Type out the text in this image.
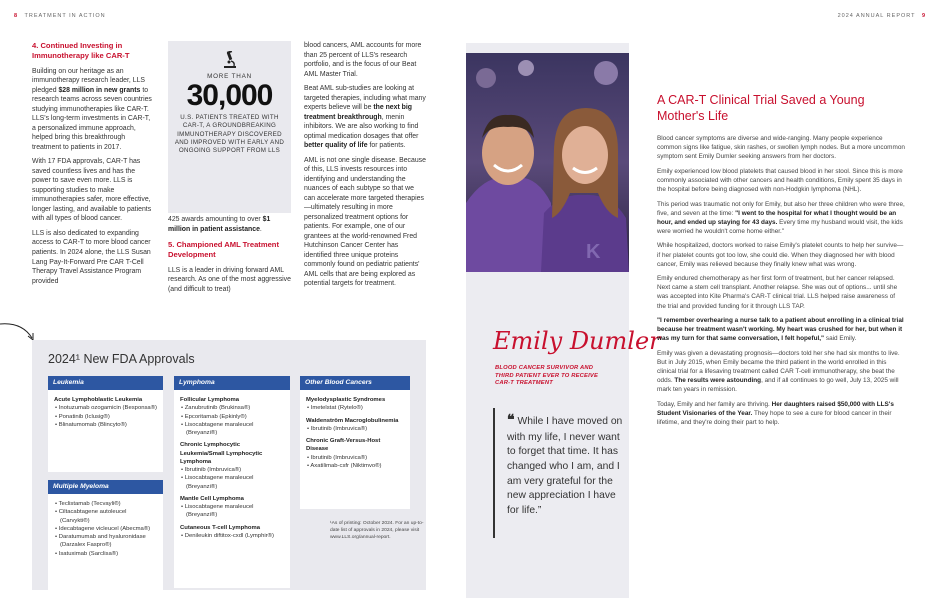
8 TREATMENT IN ACTION	2024 ANNUAL REPORT 9
4. Continued Investing in Immunotherapy like CAR-T

Building on our heritage as an immunotherapy research leader, LLS pledged $28 million in new grants to research teams across seven countries studying immunotherapies like CAR-T. LLS's long-term investments in CAR-T, a personalized immune approach, helped bring this breakthrough treatment to patients in 2017.

With 17 FDA approvals, CAR-T has saved countless lives and has the power to save even more. LLS is supporting studies to make immunotherapies safer, more effective, longer lasting, and available to patients with all types of blood cancer.

LLS is also dedicated to expanding access to CAR-T to more blood cancer patients. In 2024 alone, the LLS Susan Lang Pay-It-Forward Pre CAR T-Cell Therapy Travel Assistance Program provided

MORE THAN
30,000
U.S. PATIENTS TREATED WITH CAR-T, A GROUNDBREAKING IMMUNOTHERAPY DISCOVERED AND IMPROVED WITH EARLY AND ONGOING SUPPORT FROM LLS

425 awards amounting to over $1 million in patient assistance.

5. Championed AML Treatment Development

LLS is a leader in driving forward AML research. As one of the most aggressive (and difficult to treat)

blood cancers, AML accounts for more than 25 percent of LLS's research portfolio, and is the focus of our Beat AML Master Trial.

Beat AML sub-studies are looking at targeted therapies, including what many experts believe will be the next big treatment breakthrough, menin inhibitors. We are also working to find optimal medication dosages that offer better quality of life for patients.

AML is not one single disease. Because of this, LLS invests resources into identifying and understanding the nuances of each subtype so that we can accelerate more targeted therapies—ultimately resulting in more personalized treatment options for patients. For example, one of our grantees at the world-renowned Fred Hutchinson Cancer Center has identified three unique proteins commonly found on pediatric patients' AML cells that are being explored as potential targets for treatment.

2024¹ New FDA Approvals
Leukemia
Acute Lymphoblastic Leukemia
• Inotuzumab ozogamicin (Besponsa®)
• Ponatinib (Iclusig®)
• Blinatumomab (Blincyto®)
Multiple Myeloma
• Teclistamab (Tecvayli®)
• Ciltacabtagene autoleucel (Carvykti®)
• Idecabtagene vicleucel (Abecma®)
• Daratumumab and hyaluronidase (Darzalex Faspro®)
• Isatuximab (Sarclisa®)
Lymphoma
Follicular Lymphoma
• Zanubrutinib (Brukinsa®)
• Epcoritamab (Epkinly®)
• Lisocabtagene maraleucel (Breyanzi®)
Chronic Lymphocytic Leukemia/Small Lymphocytic Lymphoma
• Ibrutinib (Imbruvica®)
• Lisocabtagene maraleucel (Breyanzi®)
Mantle Cell Lymphoma
• Lisocabtagene maraleucel (Breyanzi®)
Cutaneous T-cell Lymphoma
• Denileukin diftitox-cxdl (Lymphir®)
Other Blood Cancers
Myelodysplastic Syndromes
• Imetelstat (Rytelo®)
Waldenström Macroglobulinemia
• Ibrutinib (Imbruvica®)
Chronic Graft-Versus-Host Disease
• Ibrutinib (Imbruvica®)
• Axatilimab-csfr (Niktimvo®)
¹As of printing: October 2024. For an up-to-date list of approvals in 2024, please visit www.LLS.org/annual-report.
K
Emily Dumler
BLOOD CANCER SURVIVOR AND THIRD PATIENT EVER TO RECEIVE CAR-T TREATMENT
❝ While I have moved on with my life, I never want to forget that time. It has changed who I am, and I am very grateful for the new appreciation I have for life.”
A CAR-T Clinical Trial Saved a Young Mother's Life

Blood cancer symptoms are diverse and wide-ranging. Many people experience common signs like fatigue, skin rashes, or swollen lymph nodes. But a more uncommon symptom sent Emily Dumler seeking answers from her doctors.

Emily experienced low blood platelets that caused blood in her stool. Since this is more commonly associated with other cancers and health conditions, Emily spent 35 days in the hospital before being diagnosed with non-Hodgkin lymphoma (NHL).

This period was traumatic not only for Emily, but also her three children who were three, five, and seven at the time: "I went to the hospital for what I thought would be an hour, and ended up staying for 43 days. Every time my husband would visit, the kids were worried he wouldn't come home either."

While hospitalized, doctors worked to raise Emily's platelet counts to help her survive—if her platelet counts got too low, she could die. When they diagnosed her with blood cancer, Emily was relieved because they finally knew what was wrong.

Emily endured chemotherapy as her first form of treatment, but her cancer relapsed. Next came a stem cell transplant. Another relapse. She was out of options... until she was accepted into Kite Pharma's CAR-T clinical trial. LLS helped raise awareness of the trial and provided funding for it through LLS TAP.

"I remember overhearing a nurse talk to a patient about enrolling in a clinical trial because her treatment wasn't working. My heart was crushed for her, but when it was my turn for that same conversation, I felt hopeful," said Emily.

Emily was given a devastating prognosis—doctors told her she had six months to live. But in July 2015, when Emily became the third patient in the world enrolled in this clinical trial for a lifesaving treatment called CAR T-cell immunotherapy, she beat the odds. The results were astounding, and if all continues to go well, July 13, 2025 will mark ten years in remission.

Today, Emily and her family are thriving. Her daughters raised $50,000 with LLS's Student Visionaries of the Year. They hope to see a cure for blood cancer in their lifetime, and they're doing their part to help.
